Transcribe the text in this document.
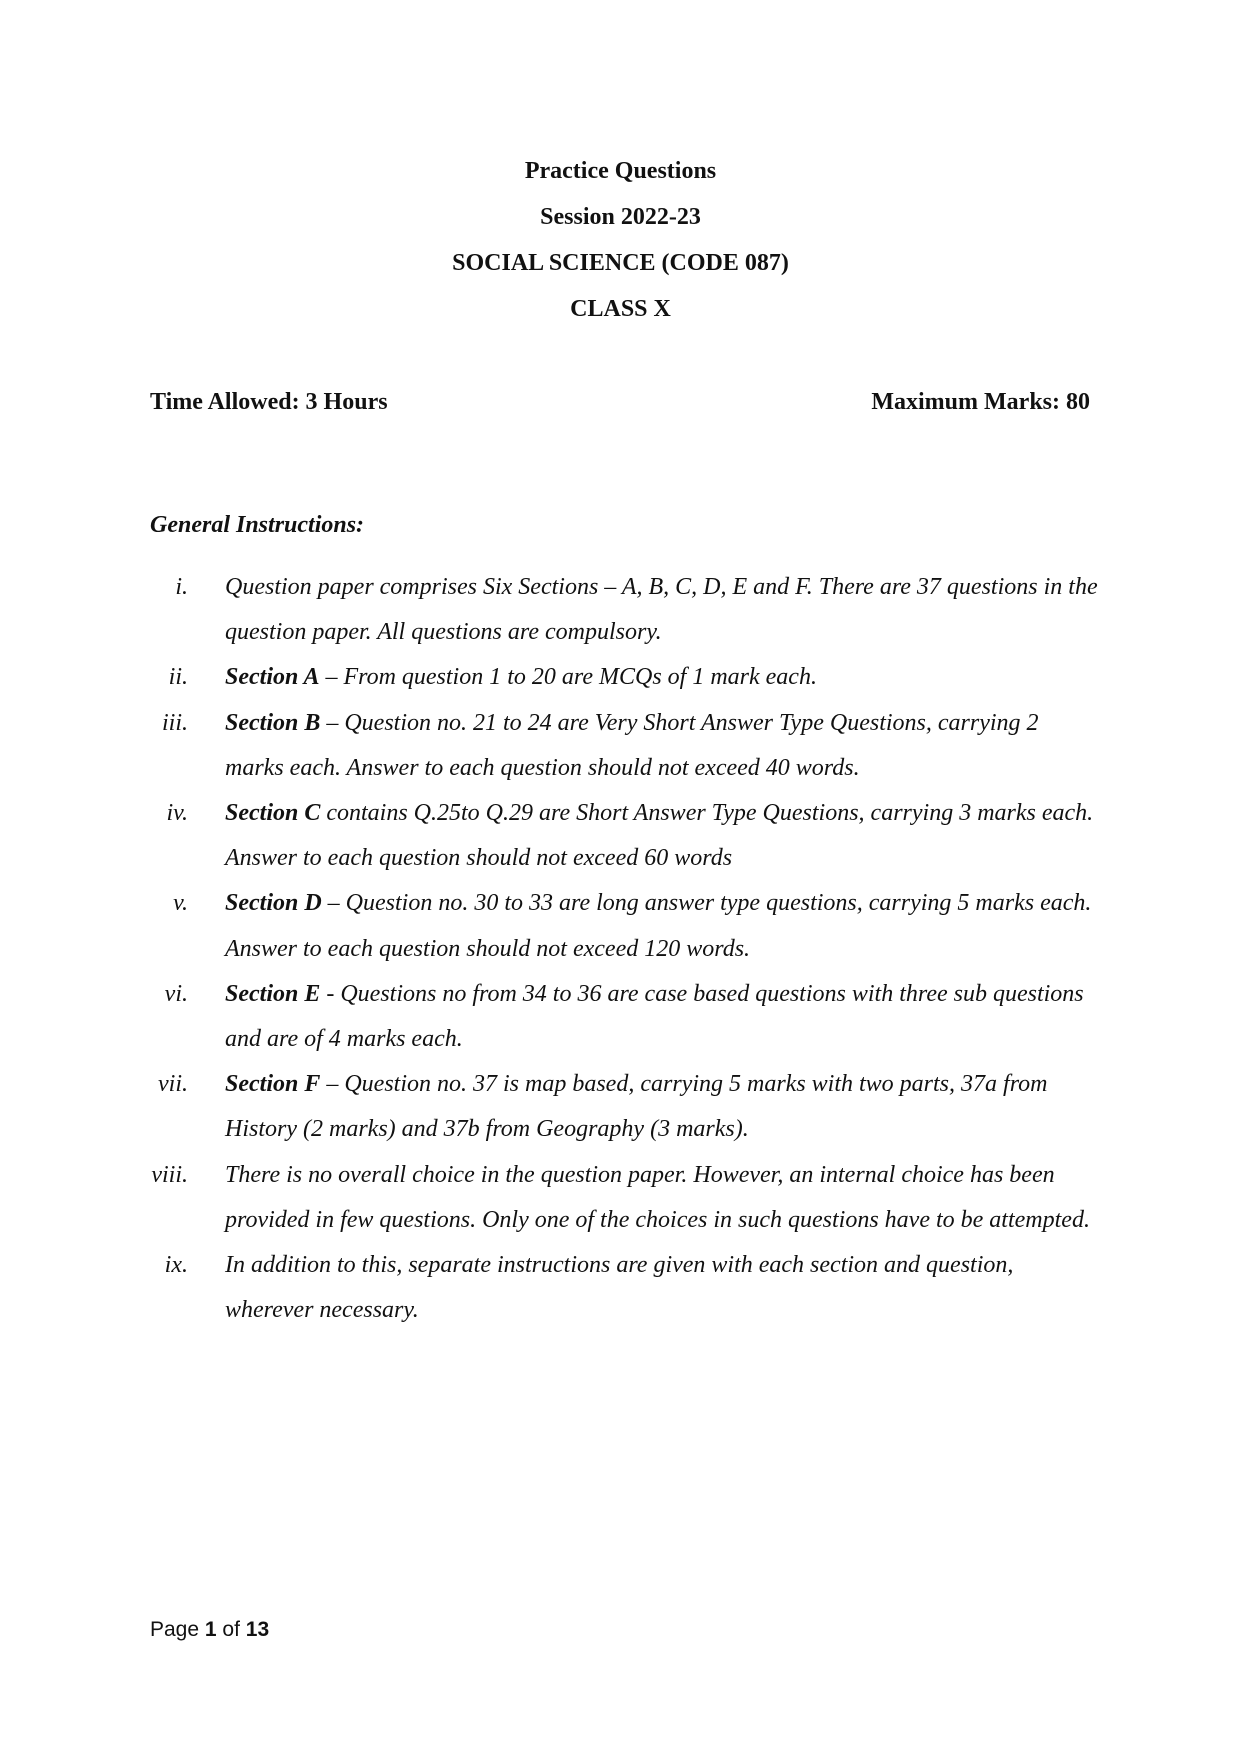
Practice Questions
Session 2022-23
SOCIAL SCIENCE (CODE 087)
CLASS X
Time Allowed: 3 Hours	Maximum Marks: 80
General Instructions:
i. Question paper comprises Six Sections – A, B, C, D, E and F. There are 37 questions in the question paper. All questions are compulsory.
ii. Section A – From question 1 to 20 are MCQs of 1 mark each.
iii. Section B – Question no. 21 to 24 are Very Short Answer Type Questions, carrying 2 marks each. Answer to each question should not exceed 40 words.
iv. Section C contains Q.25to Q.29 are Short Answer Type Questions, carrying 3 marks each. Answer to each question should not exceed 60 words
v. Section D – Question no. 30 to 33 are long answer type questions, carrying 5 marks each. Answer to each question should not exceed 120 words.
vi. Section E - Questions no from 34 to 36 are case based questions with three sub questions and are of 4 marks each.
vii. Section F – Question no. 37 is map based, carrying 5 marks with two parts, 37a from History (2 marks) and 37b from Geography (3 marks).
viii. There is no overall choice in the question paper. However, an internal choice has been provided in few questions. Only one of the choices in such questions have to be attempted.
ix. In addition to this, separate instructions are given with each section and question, wherever necessary.
Page 1 of 13
